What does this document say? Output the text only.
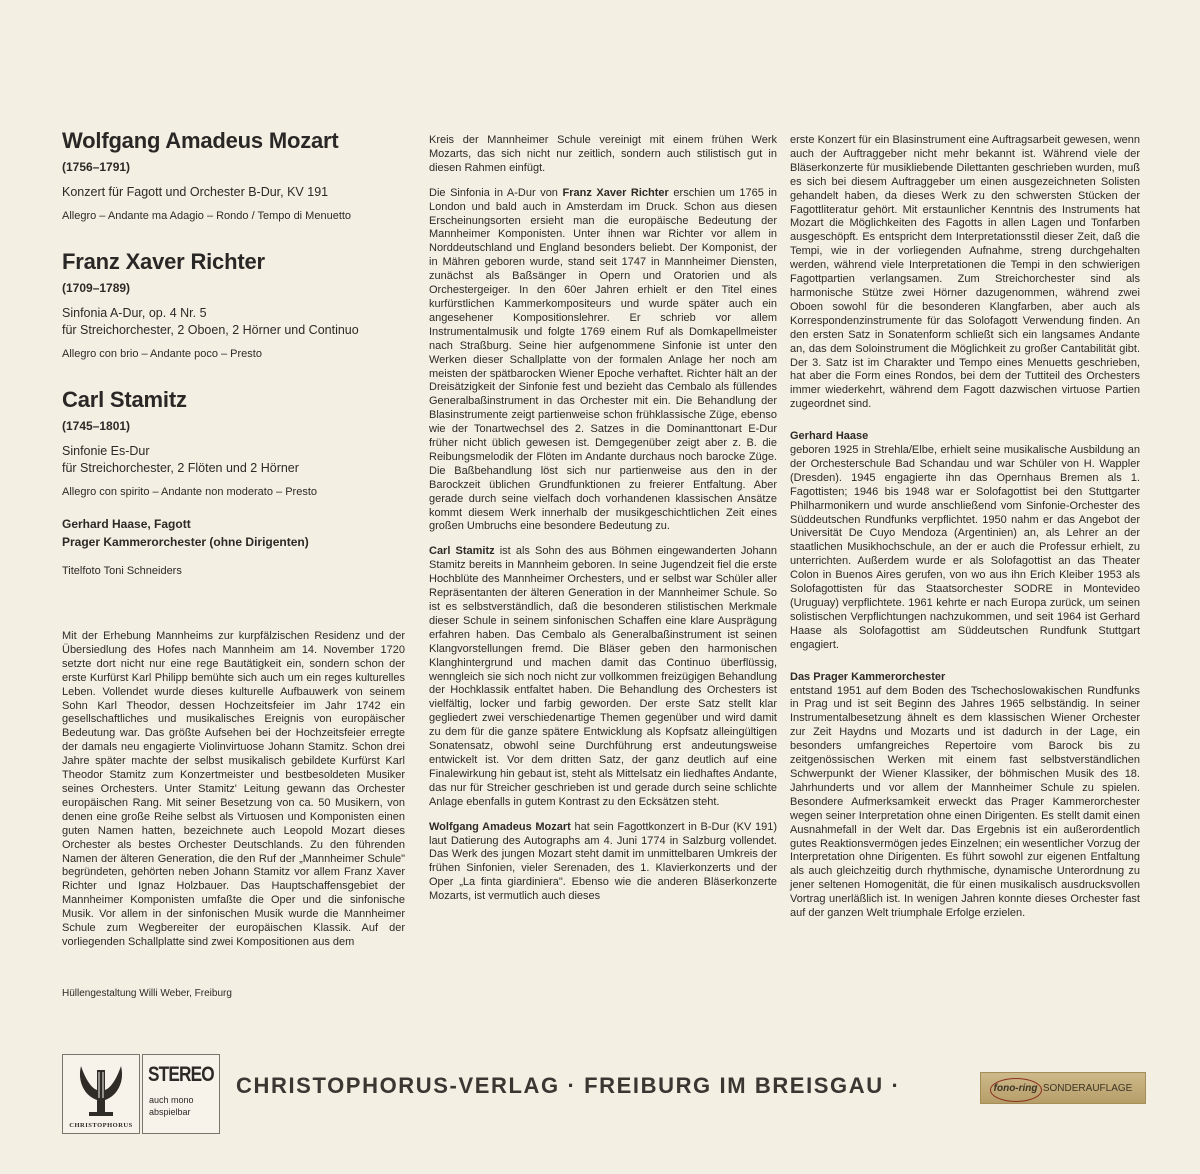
Wolfgang Amadeus Mozart
(1756–1791)

Konzert für Fagott und Orchester B-Dur, KV 191

Allegro – Andante ma Adagio – Rondo / Tempo di Menuetto

Franz Xaver Richter
(1709–1789)

Sinfonia A-Dur, op. 4 Nr. 5

für Streichorchester, 2 Oboen, 2 Hörner und Continuo

Allegro con brio – Andante poco – Presto

Carl Stamitz
(1745–1801)

Sinfonie Es-Dur

für Streichorchester, 2 Flöten und 2 Hörner

Allegro con spirito – Andante non moderato – Presto

Gerhard Haase, Fagott

Prager Kammerorchester (ohne Dirigenten)

Titelfoto Toni Schneiders

Mit der Erhebung Mannheims zur kurpfälzischen Residenz und der Übersiedlung des Hofes nach Mannheim am 14. November 1720 setzte dort nicht nur eine rege Bautätigkeit ein, sondern schon der erste Kurfürst Karl Philipp bemühte sich auch um ein reges kulturelles Leben. Vollendet wurde dieses kulturelle Aufbauwerk von seinem Sohn Karl Theodor, dessen Hochzeitsfeier im Jahr 1742 ein gesellschaftliches und musikalisches Ereignis von europäischer Bedeutung war. Das größte Aufsehen bei der Hochzeitsfeier erregte der damals neu engagierte Violinvirtuose Johann Stamitz. Schon drei Jahre später machte der selbst musikalisch gebildete Kurfürst Karl Theodor Stamitz zum Konzertmeister und bestbesoldeten Musiker seines Orchesters. Unter Stamitz' Leitung gewann das Orchester europäischen Rang. Mit seiner Besetzung von ca. 50 Musikern, von denen eine große Reihe selbst als Virtuosen und Komponisten einen guten Namen hatten, bezeichnete auch Leopold Mozart dieses Orchester als bestes Orchester Deutschlands. Zu den führenden Namen der älteren Generation, die den Ruf der „Mannheimer Schule" begründeten, gehörten neben Johann Stamitz vor allem Franz Xaver Richter und Ignaz Holzbauer. Das Hauptschaffensgebiet der Mannheimer Komponisten umfaßte die Oper und die sinfonische Musik. Vor allem in der sinfonischen Musik wurde die Mannheimer Schule zum Wegbereiter der europäischen Klassik. Auf der vorliegenden Schallplatte sind zwei Kompositionen aus dem

Hüllengestaltung Willi Weber, Freiburg

Kreis der Mannheimer Schule vereinigt mit einem frühen Werk Mozarts, das sich nicht nur zeitlich, sondern auch stilistisch gut in diesen Rahmen einfügt.

Die Sinfonia in A-Dur von Franz Xaver Richter erschien um 1765 in London und bald auch in Amsterdam im Druck. Schon aus diesen Erscheinungsorten ersieht man die europäische Bedeutung der Mannheimer Komponisten. Unter ihnen war Richter vor allem in Norddeutschland und England besonders beliebt. Der Komponist, der in Mähren geboren wurde, stand seit 1747 in Mannheimer Diensten, zunächst als Baßsänger in Opern und Oratorien und als Orchestergeiger. In den 60er Jahren erhielt er den Titel eines kurfürstlichen Kammerkompositeurs und wurde später auch ein angesehener Kompositionslehrer. Er schrieb vor allem Instrumentalmusik und folgte 1769 einem Ruf als Domkapellmeister nach Straßburg. Seine hier aufgenommene Sinfonie ist unter den Werken dieser Schallplatte von der formalen Anlage her noch am meisten der spätbarocken Wiener Epoche verhaftet. Richter hält an der Dreisätzigkeit der Sinfonie fest und bezieht das Cembalo als füllendes Generalbaßinstrument in das Orchester mit ein. Die Behandlung der Blasinstrumente zeigt partienweise schon frühklassische Züge, ebenso wie der Tonartwechsel des 2. Satzes in die Dominanttonart E-Dur früher nicht üblich gewesen ist. Demgegenüber zeigt aber z. B. die Reibungsmelodik der Flöten im Andante durchaus noch barocke Züge. Die Baßbehandlung löst sich nur partienweise aus den in der Barockzeit üblichen Grundfunktionen zu freierer Entfaltung. Aber gerade durch seine vielfach doch vorhandenen klassischen Ansätze kommt diesem Werk innerhalb der musikgeschichtlichen Zeit eines großen Umbruchs eine besondere Bedeutung zu.

Carl Stamitz ist als Sohn des aus Böhmen eingewanderten Johann Stamitz bereits in Mannheim geboren. In seine Jugendzeit fiel die erste Hochblüte des Mannheimer Orchesters, und er selbst war Schüler aller Repräsentanten der älteren Generation in der Mannheimer Schule. So ist es selbstverständlich, daß die besonderen stilistischen Merkmale dieser Schule in seinem sinfonischen Schaffen eine klare Ausprägung erfahren haben. Das Cembalo als Generalbaßinstrument ist seinen Klangvorstellungen fremd. Die Bläser geben den harmonischen Klanghintergrund und machen damit das Continuo überflüssig, wenngleich sie sich noch nicht zur vollkommen freizügigen Behandlung der Hochklassik entfaltet haben. Die Behandlung des Orchesters ist vielfältig, locker und farbig geworden. Der erste Satz stellt klar gegliedert zwei verschiedenartige Themen gegenüber und wird damit zu dem für die ganze spätere Entwicklung als Kopfsatz alleingültigen Sonatensatz, obwohl seine Durchführung erst andeutungsweise entwickelt ist. Vor dem dritten Satz, der ganz deutlich auf eine Finalewirkung hin gebaut ist, steht als Mittelsatz ein liedhaftes Andante, das nur für Streicher geschrieben ist und gerade durch seine schlichte Anlage ebenfalls in gutem Kontrast zu den Ecksätzen steht.

Wolfgang Amadeus Mozart hat sein Fagottkonzert in B-Dur (KV 191) laut Datierung des Autographs am 4. Juni 1774 in Salzburg vollendet. Das Werk des jungen Mozart steht damit im unmittelbaren Umkreis der frühen Sinfonien, vieler Serenaden, des 1. Klavierkonzerts und der Oper „La finta giardiniera". Ebenso wie die anderen Bläserkonzerte Mozarts, ist vermutlich auch dieses

erste Konzert für ein Blasinstrument eine Auftragsarbeit gewesen, wenn auch der Auftraggeber nicht mehr bekannt ist. Während viele der Bläserkonzerte für musikliebende Dilettanten geschrieben wurden, muß es sich bei diesem Auftraggeber um einen ausgezeichneten Solisten gehandelt haben, da dieses Werk zu den schwersten Stücken der Fagottliteratur gehört. Mit erstaunlicher Kenntnis des Instruments hat Mozart die Möglichkeiten des Fagotts in allen Lagen und Tonfarben ausgeschöpft. Es entspricht dem Interpretationsstil dieser Zeit, daß die Tempi, wie in der vorliegenden Aufnahme, streng durchgehalten werden, während viele Interpretationen die Tempi in den schwierigen Fagottpartien verlangsamen. Zum Streichorchester sind als harmonische Stütze zwei Hörner dazugenommen, während zwei Oboen sowohl für die besonderen Klangfarben, aber auch als Korrespondenzinstrumente für das Solofagott Verwendung finden. An den ersten Satz in Sonatenform schließt sich ein langsames Andante an, das dem Soloinstrument die Möglichkeit zu großer Cantabilität gibt. Der 3. Satz ist im Charakter und Tempo eines Menuetts geschrieben, hat aber die Form eines Rondos, bei dem der Tuttiteil des Orchesters immer wiederkehrt, während dem Fagott dazwischen virtuose Partien zugeordnet sind.

Gerhard Haase

geboren 1925 in Strehla/Elbe, erhielt seine musikalische Ausbildung an der Orchesterschule Bad Schandau und war Schüler von H. Wappler (Dresden). 1945 engagierte ihn das Opernhaus Bremen als 1. Fagottisten; 1946 bis 1948 war er Solofagottist bei den Stuttgarter Philharmonikern und wurde anschließend vom Sinfonie-Orchester des Süddeutschen Rundfunks verpflichtet. 1950 nahm er das Angebot der Universität De Cuyo Mendoza (Argentinien) an, als Lehrer an der staatlichen Musikhochschule, an der er auch die Professur erhielt, zu unterrichten. Außerdem wurde er als Solofagottist an das Theater Colon in Buenos Aires gerufen, von wo aus ihn Erich Kleiber 1953 als Solofagottisten für das Staatsorchester SODRE in Montevideo (Uruguay) verpflichtete. 1961 kehrte er nach Europa zurück, um seinen solistischen Verpflichtungen nachzukommen, und seit 1964 ist Gerhard Haase als Solofagottist am Süddeutschen Rundfunk Stuttgart engagiert.

Das Prager Kammerorchester

entstand 1951 auf dem Boden des Tschechoslowakischen Rundfunks in Prag und ist seit Beginn des Jahres 1965 selbständig. In seiner Instrumentalbesetzung ähnelt es dem klassischen Wiener Orchester zur Zeit Haydns und Mozarts und ist dadurch in der Lage, ein besonders umfangreiches Repertoire vom Barock bis zu zeitgenössischen Werken mit einem fast selbstverständlichen Schwerpunkt der Wiener Klassiker, der böhmischen Musik des 18. Jahrhunderts und vor allem der Mannheimer Schule zu spielen. Besondere Aufmerksamkeit erweckt das Prager Kammerorchester wegen seiner Interpretation ohne einen Dirigenten. Es stellt damit einen Ausnahmefall in der Welt dar. Das Ergebnis ist ein außerordentlich gutes Reaktionsvermögen jedes Einzelnen; ein wesentlicher Vorzug der Interpretation ohne Dirigenten. Es führt sowohl zur eigenen Entfaltung als auch gleichzeitig durch rhythmische, dynamische Unterordnung zu jener seltenen Homogenität, die für einen musikalisch ausdrucksvollen Vortrag unerläßlich ist. In wenigen Jahren konnte dieses Orchester fast auf der ganzen Welt triumphale Erfolge erzielen.

CHRISTOPHORUS
STEREO
auch mono
abspielbar
CHRISTOPHORUS-VERLAG · FREIBURG IM BREISGAU ·	fono-ring ·SONDERAUFLAGE
